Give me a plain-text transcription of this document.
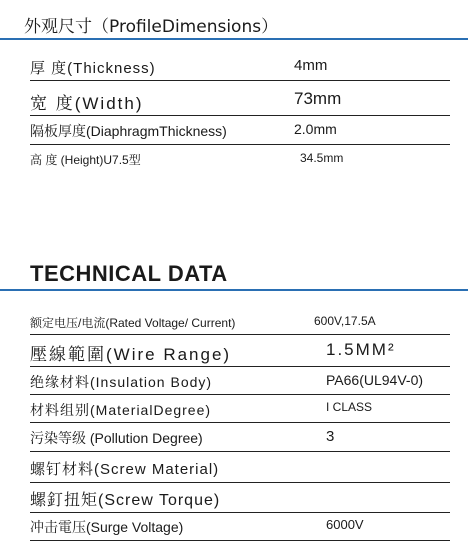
外观尺寸（ProfileDimensions）
厚 度(Thickness)	4mm
宽 度(Width)	73mm
隔板厚度(DiaphragmThickness)	2.0mm
高 度 (Height)U7.5型	34.5mm
TECHNICAL DATA
额定电压/电流(Rated Voltage/ Current)	600V,17.5A
壓線範圍(Wire Range)	1.5MM²
绝缘材料(Insulation Body)	PA66(UL94V-0)
材料组别(MaterialDegree)	I CLASS
污染等级 (Pollution Degree)	3
螺钉材料(Screw Material)
螺釘扭矩(Screw Torque)
冲击電压(Surge Voltage)	6000V
